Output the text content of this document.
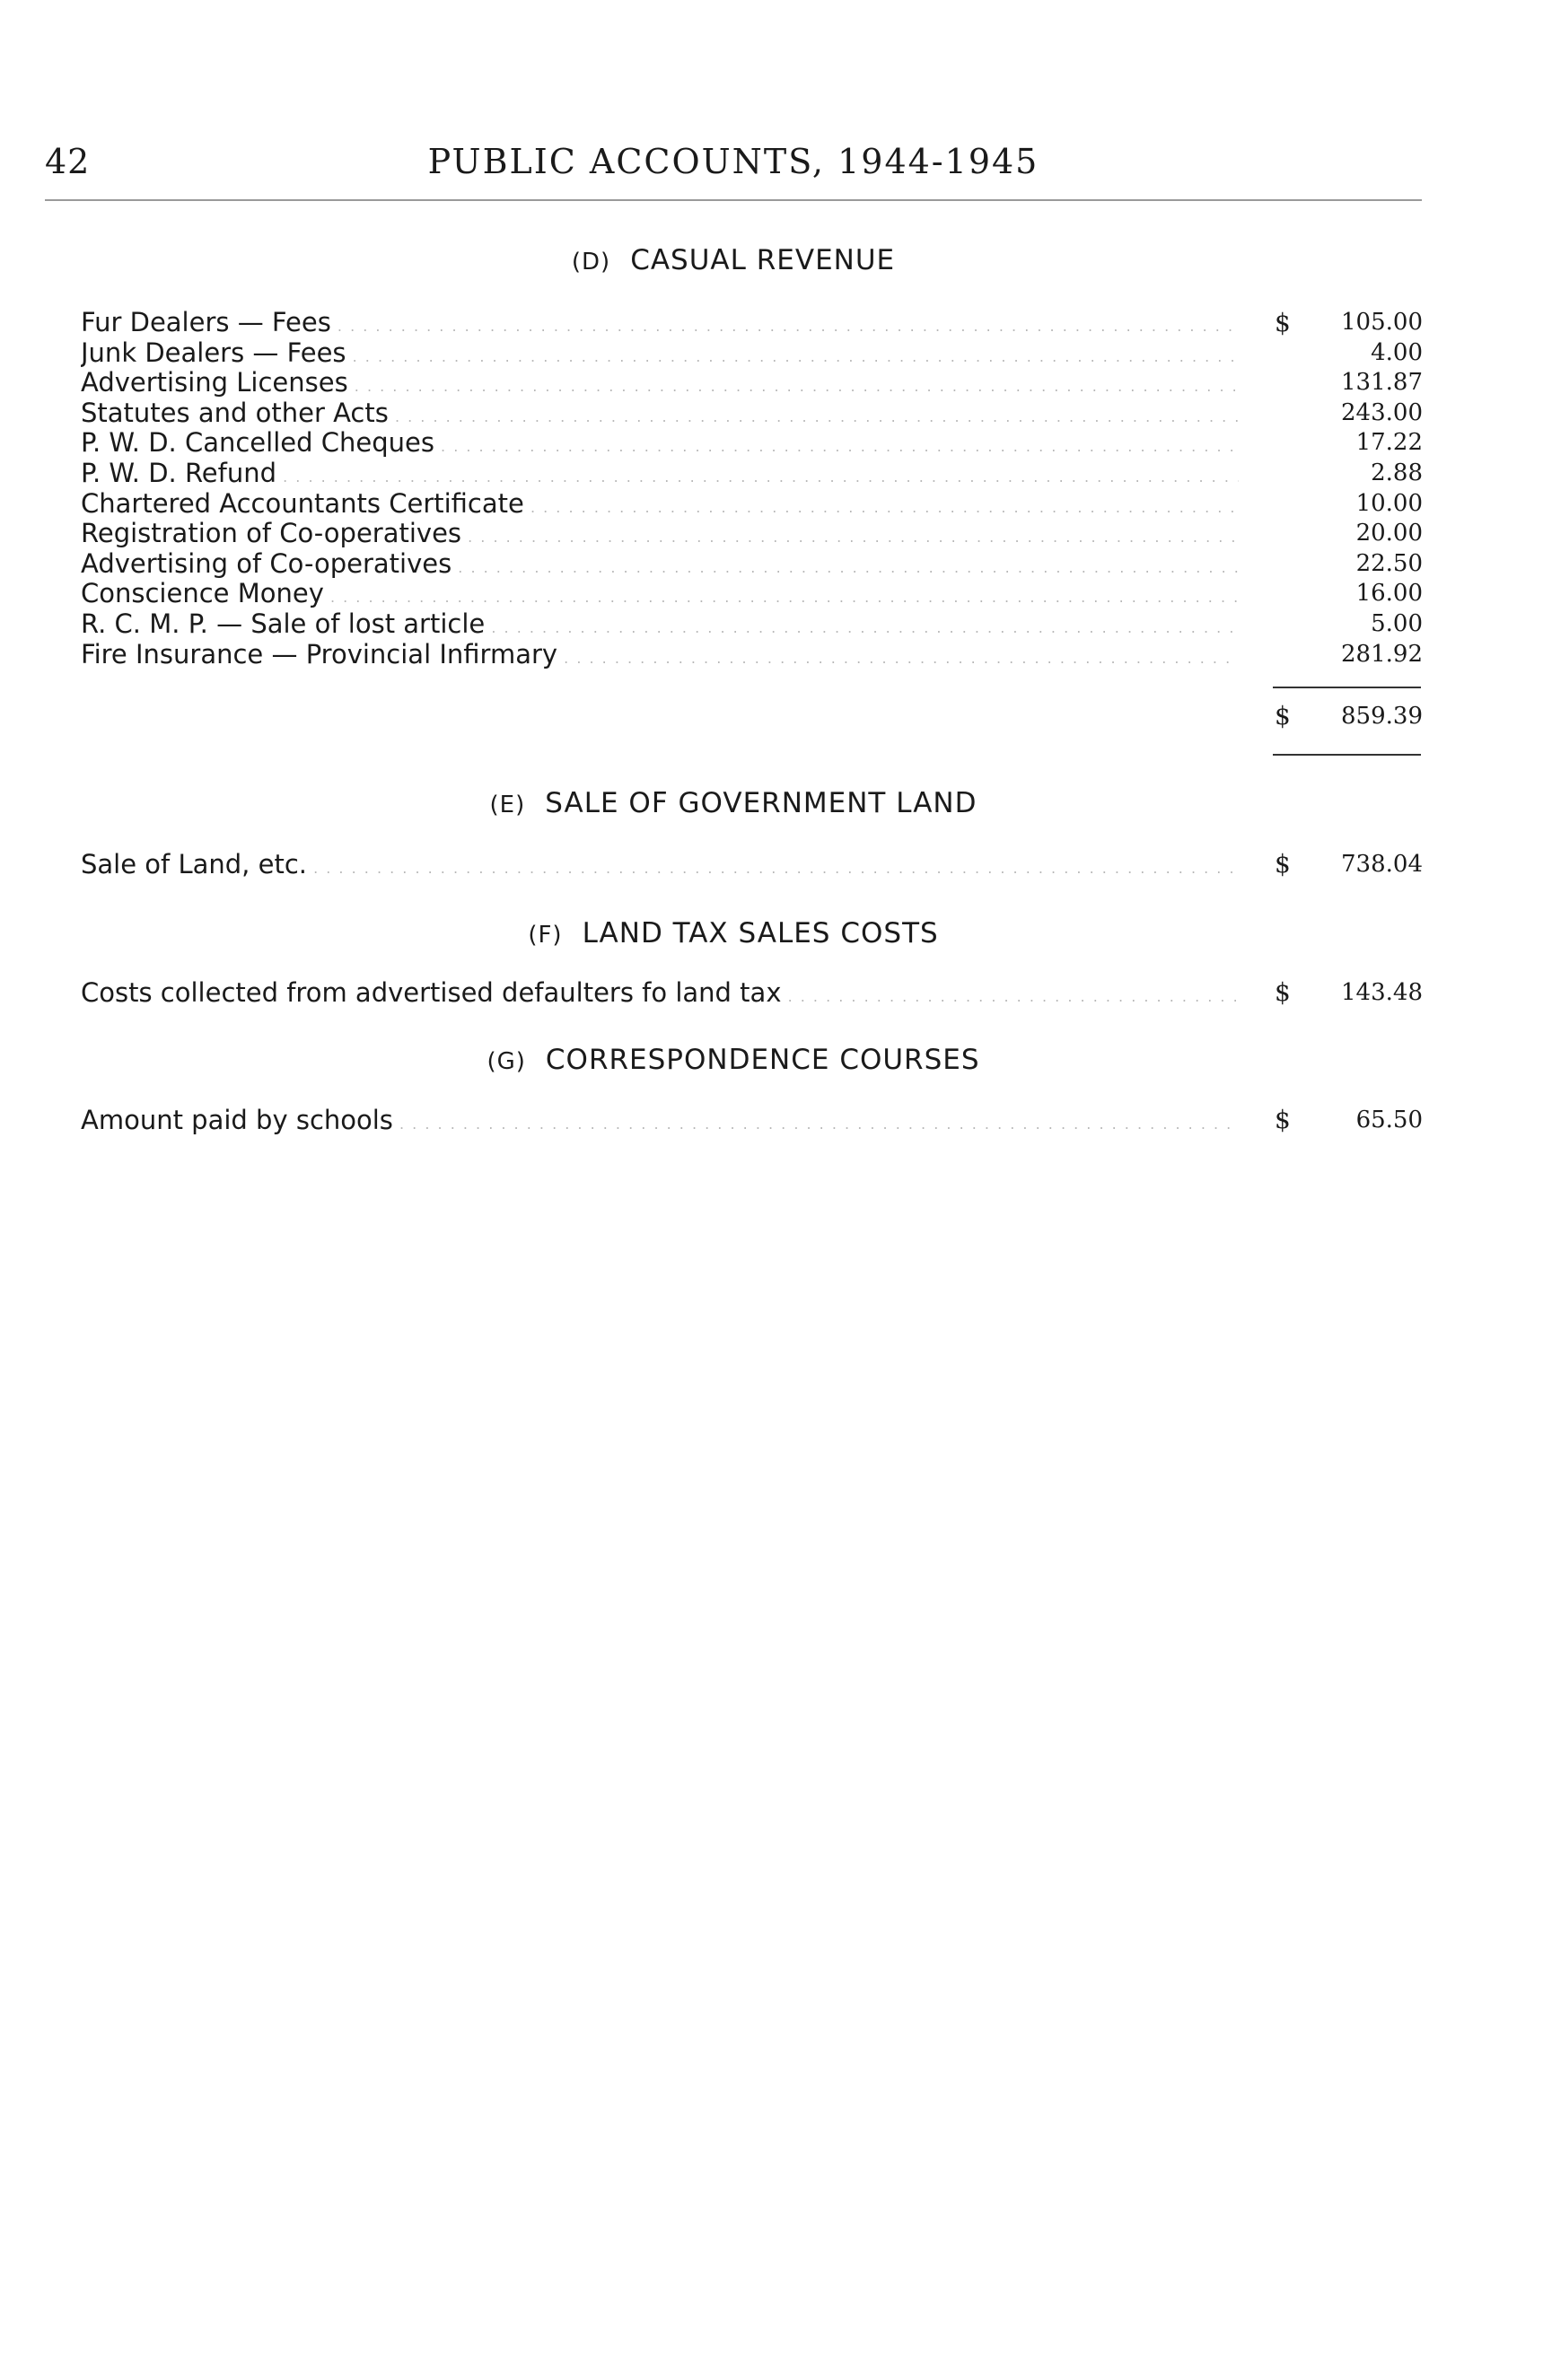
42	PUBLIC ACCOUNTS, 1944-1945
(D) CASUAL REVENUE
Fur Dealers — Fees . . .	$ 105.00
Junk Dealers — Fees . . .	4.00
Advertising Licenses . . .	131.87
Statutes and other Acts . . .	243.00
P. W. D. Cancelled Cheques . . .	17.22
P. W. D. Refund . . .	2.88
Chartered Accountants Certificate . . .	10.00
Registration of Co-operatives . . .	20.00
Advertising of Co-operatives . . .	22.50
Conscience Money . . .	16.00
R. C. M. P. — Sale of lost article . . .	5.00
Fire Insurance — Provincial Infirmary . . .	281.92
$ 859.39
(E) SALE OF GOVERNMENT LAND
Sale of Land, etc. . . .	$ 738.04
(F) LAND TAX SALES COSTS
Costs collected from advertised defaulters fo land tax . . .	$ 143.48
(G) CORRESPONDENCE COURSES
Amount paid by schools . . .	$	65.50
